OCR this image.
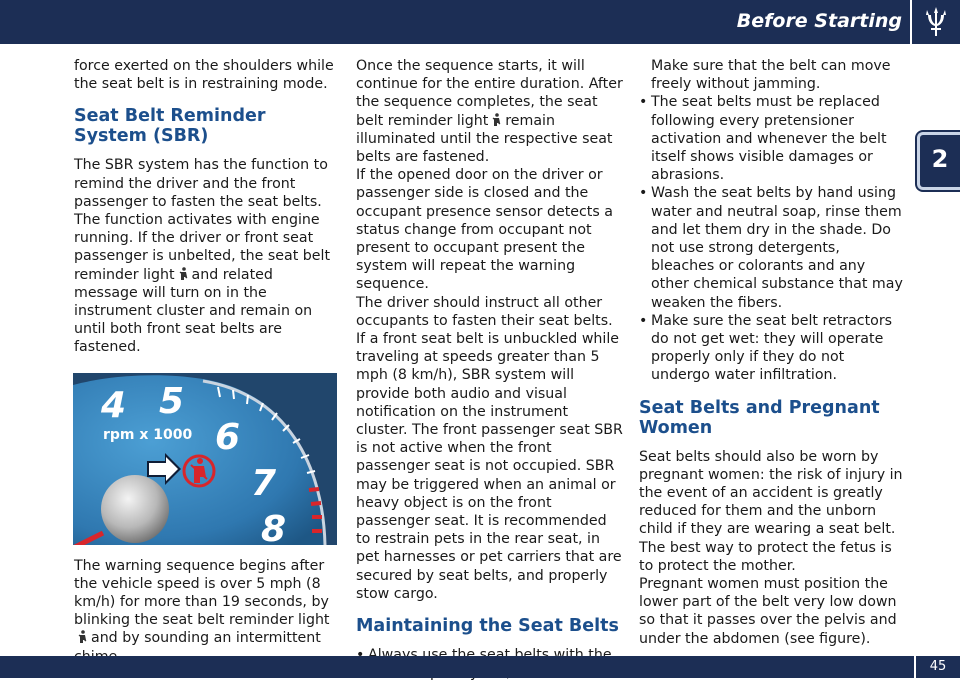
Before Starting
2

force exerted on the shoulders while the seat belt is in restraining mode.

Seat Belt Reminder System (SBR)

The SBR system has the function to remind the driver and the front passenger to fasten the seat belts. The function activates with engine running. If the driver or front seat passenger is unbelted, the seat belt reminder light and related message will turn on in the instrument cluster and remain on until both front seat belts are fastened.

4 5
6
7
8
rpm x 1000

The warning sequence begins after the vehicle speed is over 5 mph (8 km/h) for more than 19 seconds, by blinking the seat belt reminder lightand by sounding an intermittent

Once the sequence starts, it will continue for the entire duration. After the sequence completes, the seat belt reminder light remain illuminated until the respective seat belts are fastened.

If the opened door on the driver or passenger side is closed and the occupant presence sensor detects a status change from occupant not present to occupant present the system will repeat the warning sequence.

The driver should instruct all other occupants to fasten their seat belts.

If a front seat belt is unbuckled while traveling at speeds greater than 5 mph (8 km/h), SBR system will provide both audio and visual notification on the instrument cluster. The front passenger seat SBR is not active when the front passenger seat is not occupied. SBR may be triggered when an animal or heavy object is on the front passenger seat. It is recommended to restrain pets in the rear seat, in pet harnesses or pet carriers that are secured by seat belts, and properly stow cargo.

Maintaining the Seat Belts
•

Make sure that the belt can move freely without jamming.

• The seat belts must be replaced following every pretensioner activation and whenever the belt itself shows visible damages or abrasions.
• Wash the seat belts by hand using water and neutral soap, rinse them and let them dry in the shade. Do not use strong detergents, bleaches or colorants and any other chemical substance that may weaken the fibers.
• Make sure the seat belt retractors do not get wet: they will operate properly only if they do not undergo water infiltration.
Seat Belts and Pregnant Women

Seat belts should also be worn by pregnant women: the risk of injury in the event of an accident is greatly reduced for them and the unborn child if they are wearing a seat belt. The best way to protect the fetus is to protect the mother.

Pregnant women must position the lower part of the belt very low down so that it passes over the pelvis and under the abdomen (see figure).

45
